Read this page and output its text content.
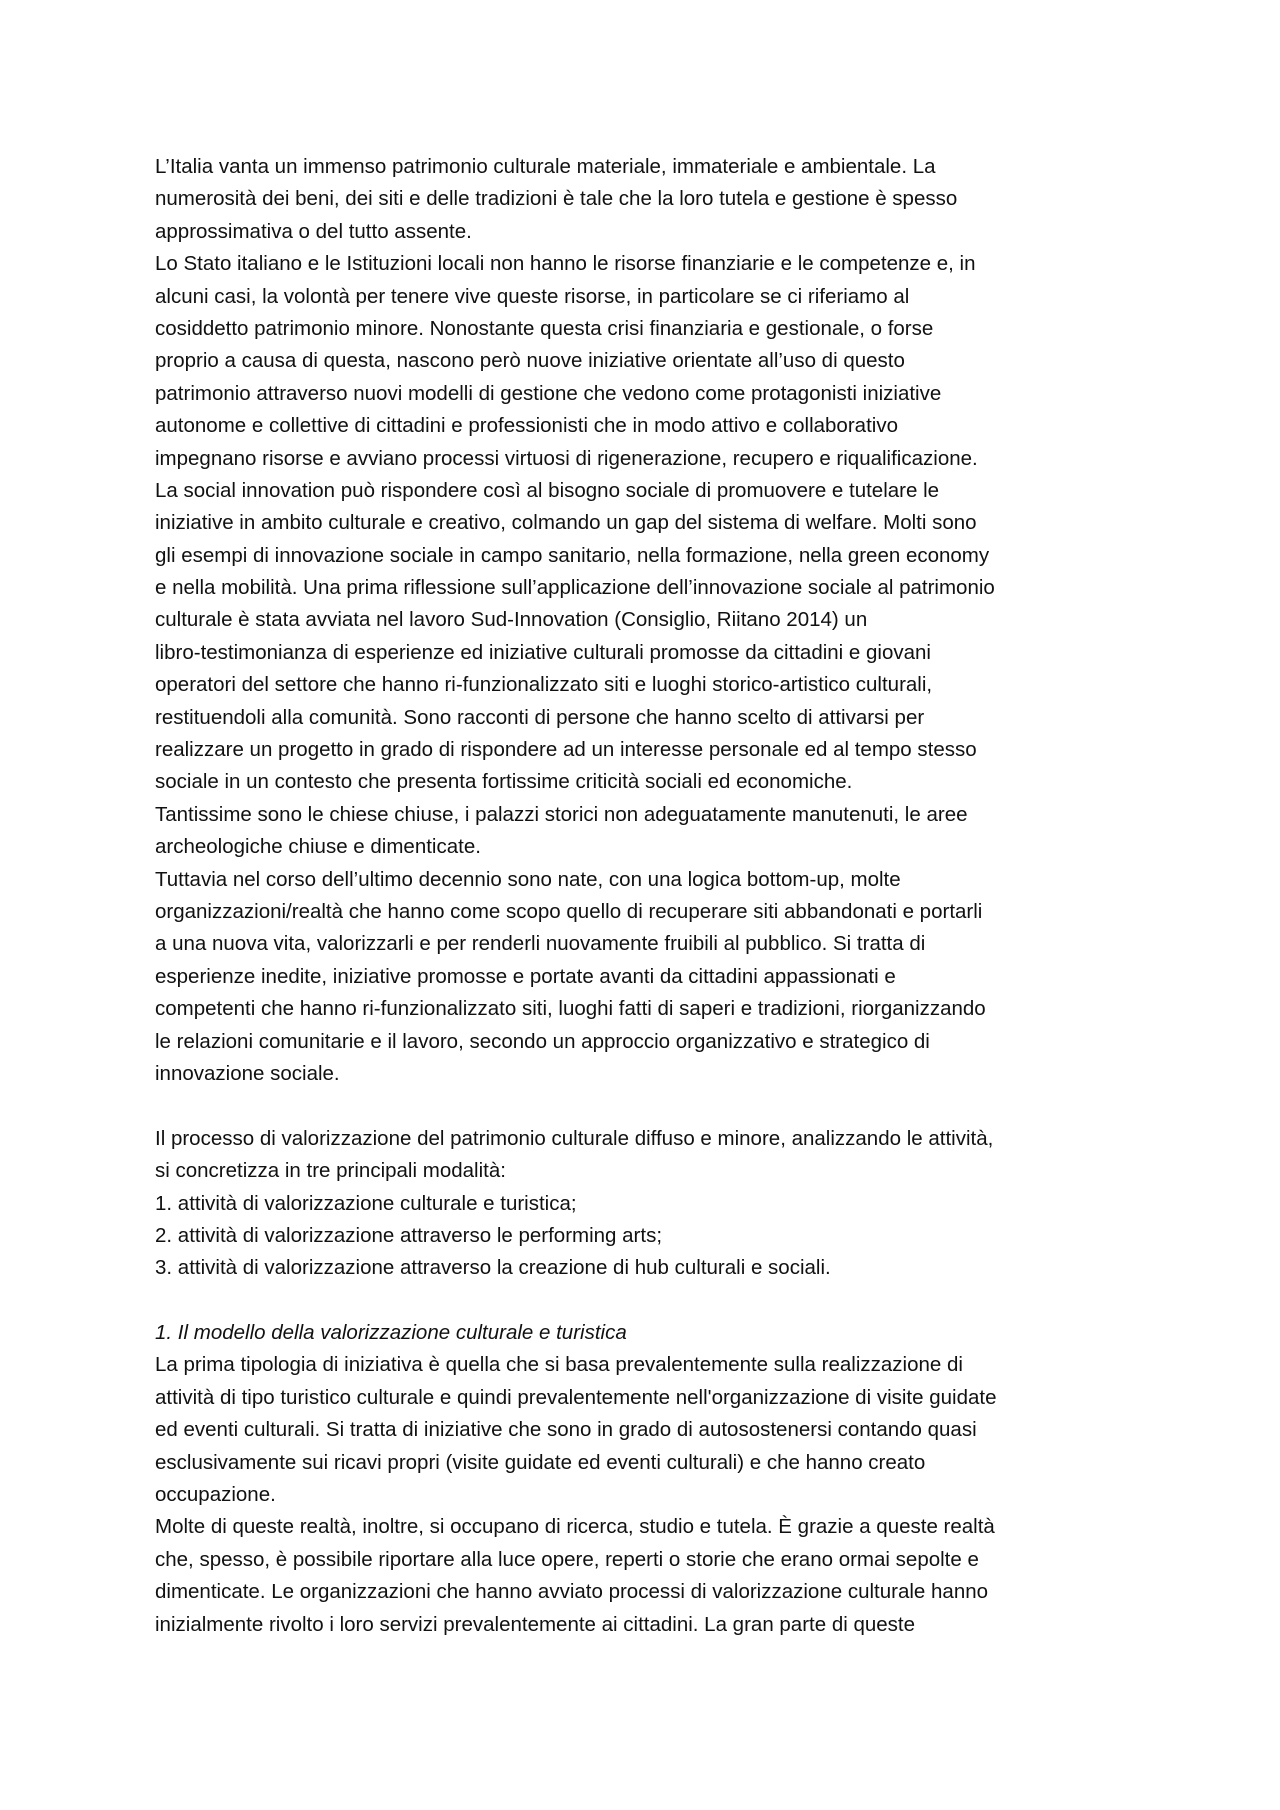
L’Italia vanta un immenso patrimonio culturale materiale, immateriale e ambientale. La
numerosità dei beni, dei siti e delle tradizioni è tale che la loro tutela e gestione è spesso
approssimativa o del tutto assente.
Lo Stato italiano e le Istituzioni locali non hanno le risorse finanziarie e le competenze e, in
alcuni casi, la volontà per tenere vive queste risorse, in particolare se ci riferiamo al
cosiddetto patrimonio minore. Nonostante questa crisi finanziaria e gestionale, o forse
proprio a causa di questa, nascono però nuove iniziative orientate all’uso di questo
patrimonio attraverso nuovi modelli di gestione che vedono come protagonisti iniziative
autonome e collettive di cittadini e professionisti che in modo attivo e collaborativo
impegnano risorse e avviano processi virtuosi di rigenerazione, recupero e riqualificazione.
La social innovation può rispondere così al bisogno sociale di promuovere e tutelare le
iniziative in ambito culturale e creativo, colmando un gap del sistema di welfare. Molti sono
gli esempi di innovazione sociale in campo sanitario, nella formazione, nella green economy
e nella mobilità. Una prima riflessione sull’applicazione dell’innovazione sociale al patrimonio
culturale è stata avviata nel lavoro Sud-Innovation (Consiglio, Riitano 2014) un
libro-testimonianza di esperienze ed iniziative culturali promosse da cittadini e giovani
operatori del settore che hanno ri-funzionalizzato siti e luoghi storico-artistico culturali,
restituendoli alla comunità. Sono racconti di persone che hanno scelto di attivarsi per
realizzare un progetto in grado di rispondere ad un interesse personale ed al tempo stesso
sociale in un contesto che presenta fortissime criticità sociali ed economiche.
Tantissime sono le chiese chiuse, i palazzi storici non adeguatamente manutenuti, le aree
archeologiche chiuse e dimenticate.
Tuttavia nel corso dell’ultimo decennio sono nate, con una logica bottom-up, molte
organizzazioni/realtà che hanno come scopo quello di recuperare siti abbandonati e portarli
a una nuova vita, valorizzarli e per renderli nuovamente fruibili al pubblico. Si tratta di
esperienze inedite, iniziative promosse e portate avanti da cittadini appassionati e
competenti che hanno ri-funzionalizzato siti, luoghi fatti di saperi e tradizioni, riorganizzando
le relazioni comunitarie e il lavoro, secondo un approccio organizzativo e strategico di
innovazione sociale.
Il processo di valorizzazione del patrimonio culturale diffuso e minore, analizzando le attività,
si concretizza in tre principali modalità:
1. attività di valorizzazione culturale e turistica;
2. attività di valorizzazione attraverso le performing arts;
3. attività di valorizzazione attraverso la creazione di hub culturali e sociali.
1. Il modello della valorizzazione culturale e turistica
La prima tipologia di iniziativa è quella che si basa prevalentemente sulla realizzazione di
attività di tipo turistico culturale e quindi prevalentemente nell'organizzazione di visite guidate
ed eventi culturali. Si tratta di iniziative che sono in grado di autosostenersi contando quasi
esclusivamente sui ricavi propri (visite guidate ed eventi culturali) e che hanno creato
occupazione.
Molte di queste realtà, inoltre, si occupano di ricerca, studio e tutela. È grazie a queste realtà
che, spesso, è possibile riportare alla luce opere, reperti o storie che erano ormai sepolte e
dimenticate. Le organizzazioni che hanno avviato processi di valorizzazione culturale hanno
inizialmente rivolto i loro servizi prevalentemente ai cittadini. La gran parte di queste
